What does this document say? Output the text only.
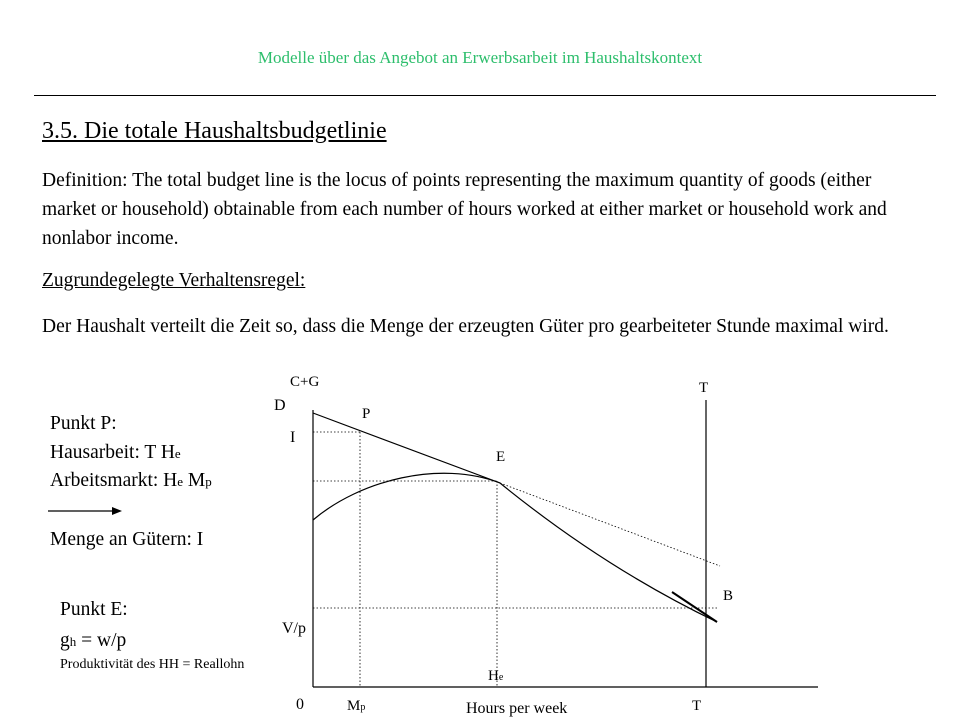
Modelle über das Angebot an Erwerbsarbeit im Haushaltskontext
3.5. Die totale Haushaltsbudgetlinie
Definition: The total budget line is the locus of points representing the maximum quantity of goods (either market or household) obtainable from each number of hours worked at either market or household work and nonlabor income.
Zugrundegelegte Verhaltensregel:
Der Haushalt verteilt die Zeit so, dass die Menge der erzeugten Güter pro gearbeiteter Stunde maximal wird.
Punkt P:
Hausarbeit: T He
Arbeitsmarkt: He Mp
Menge an Gütern: I
Punkt E:
gh = w/p
Produktivität des HH = Reallohn
C+G
D	P
I
E
T
B
V/p
He
0	Mp	T
Hours per week
